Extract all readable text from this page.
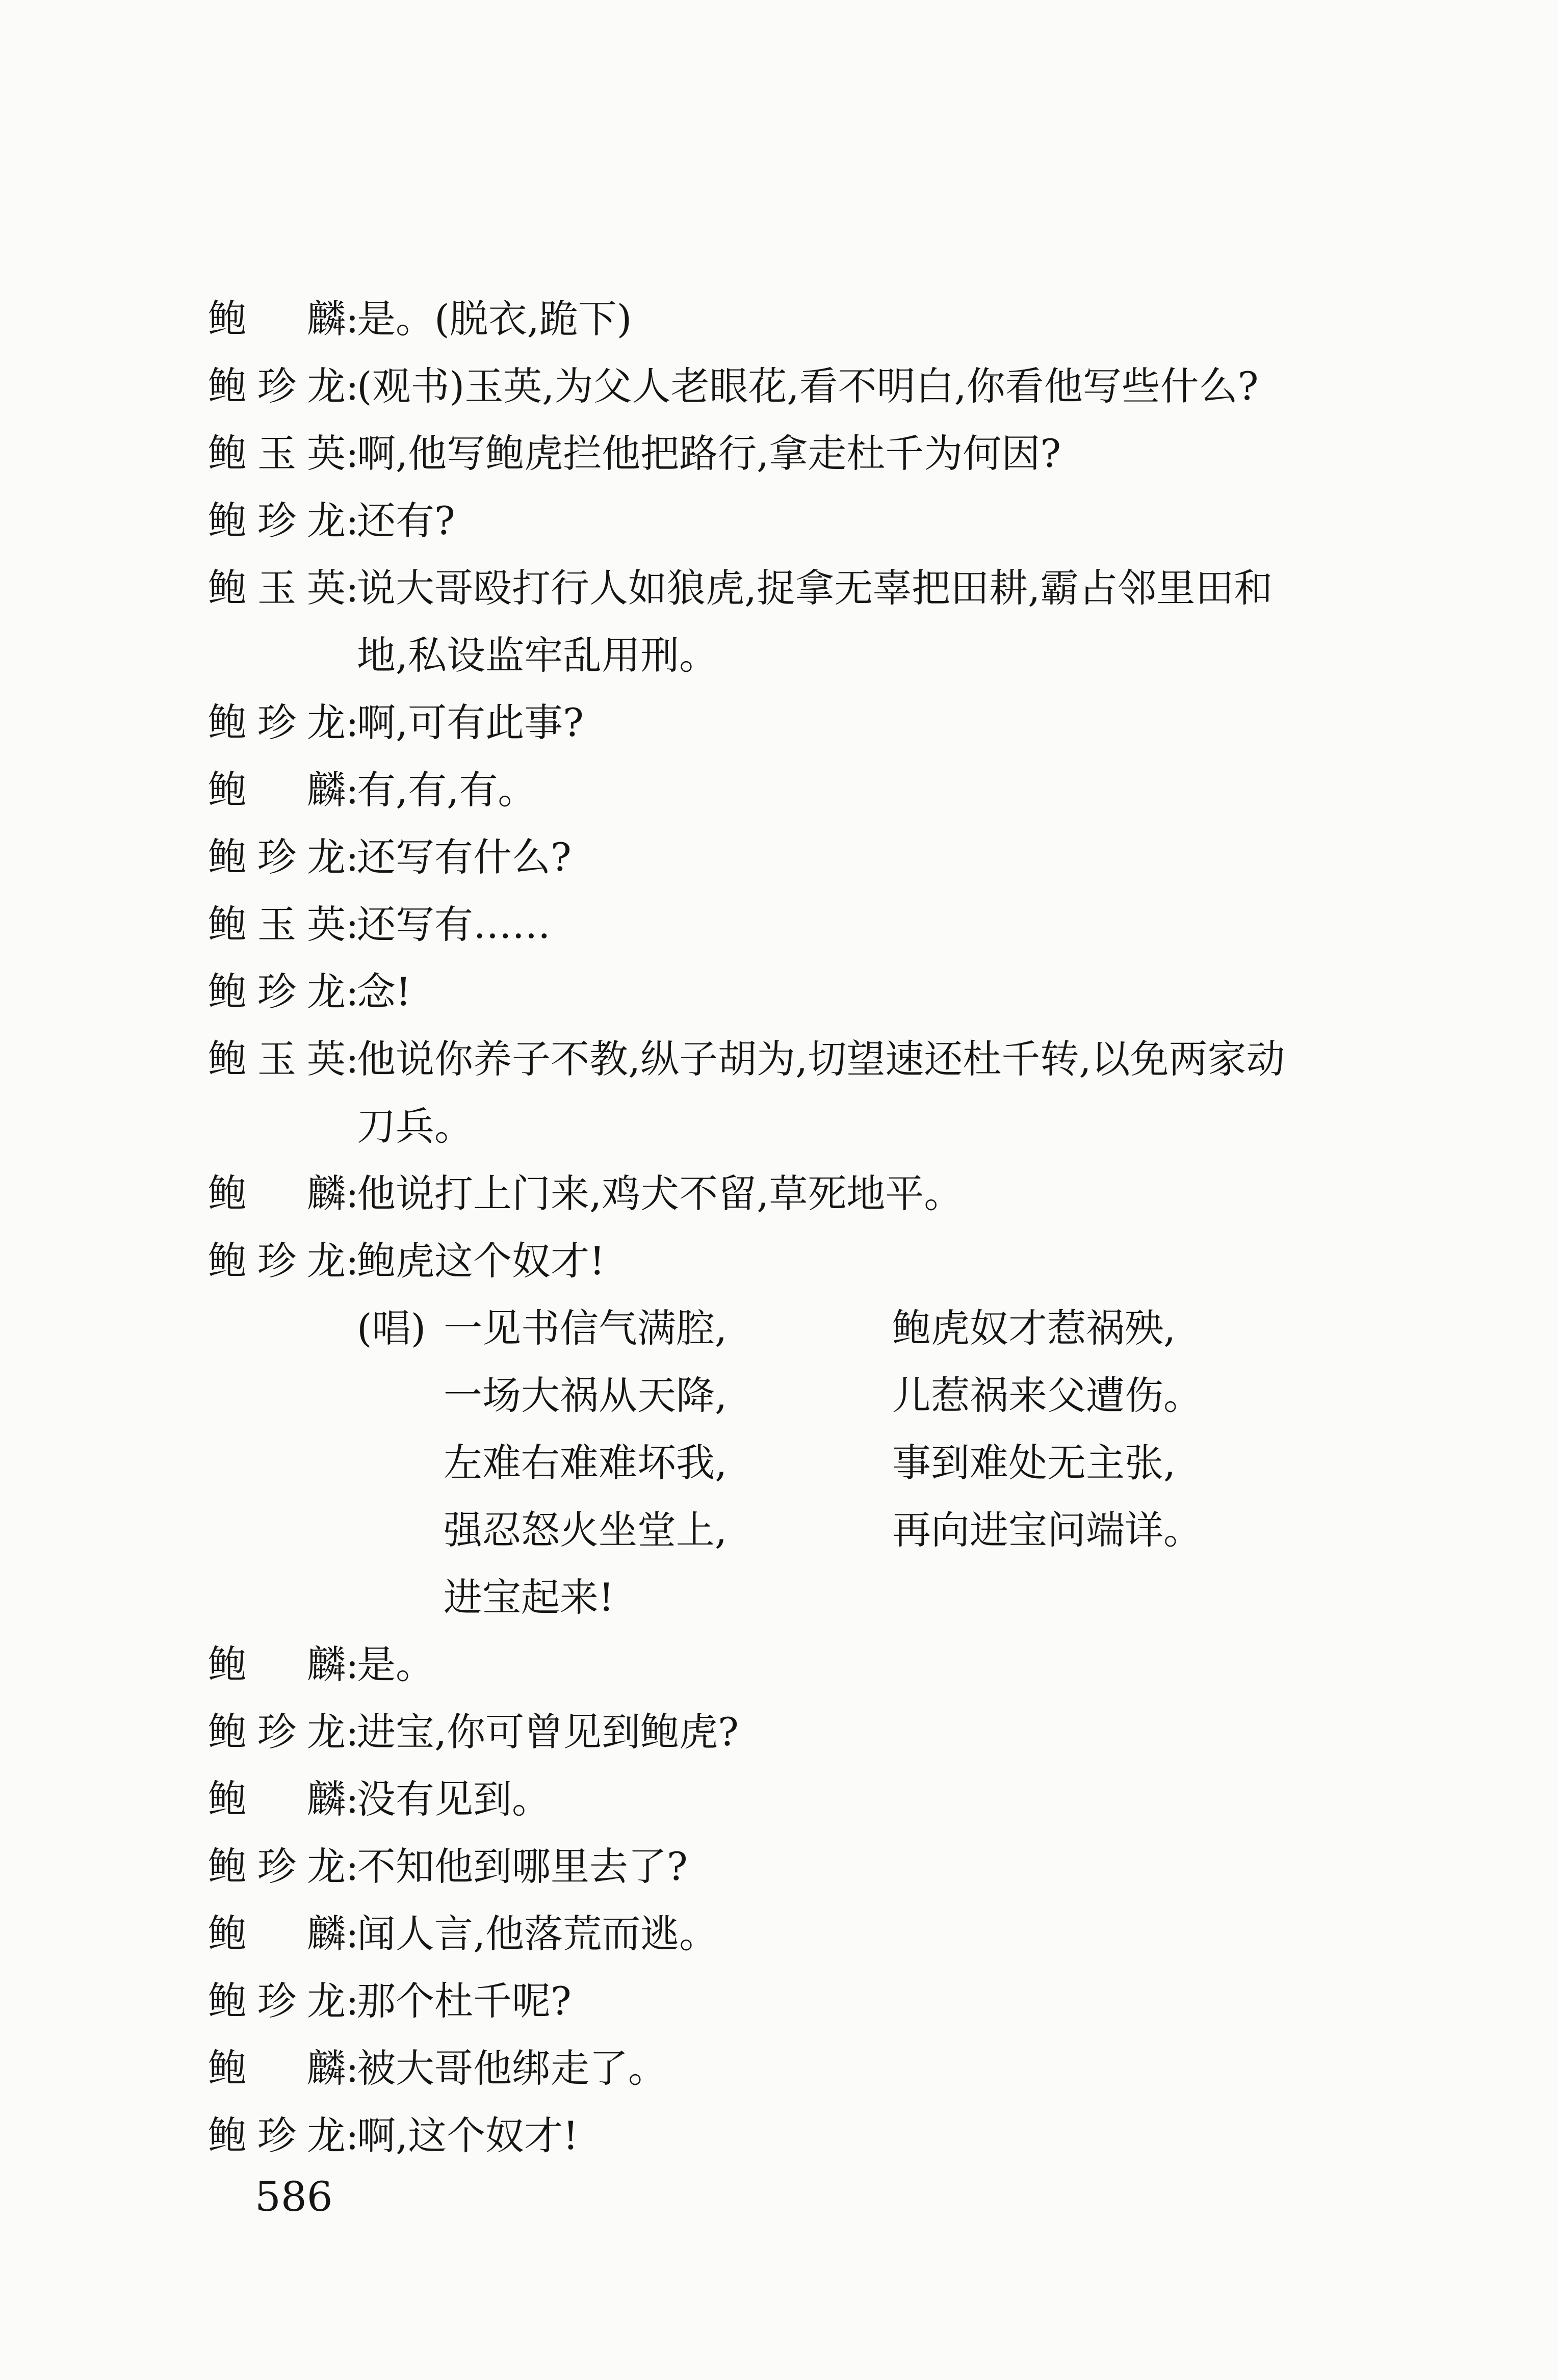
鲍　麟:是。(脱衣,跪下)
鲍珍龙:(观书)玉英,为父人老眼花,看不明白,你看他写些什么?
鲍玉英:啊,他写鲍虎拦他把路行,拿走杜千为何因?
鲍珍龙:还有?
鲍玉英:说大哥殴打行人如狼虎,捉拿无辜把田耕,霸占邻里田和
地,私设监牢乱用刑。
鲍珍龙:啊,可有此事?
鲍　麟:有,有,有。
鲍珍龙:还写有什么?
鲍玉英:还写有……
鲍珍龙:念!
鲍玉英:他说你养子不教,纵子胡为,切望速还杜千转,以免两家动
刀兵。
鲍　麟:他说打上门来,鸡犬不留,草死地平。
鲍珍龙:鲍虎这个奴才!
(唱) 一见书信气满腔,
一场大祸从天降,
左难右难难坏我,
强忍怒火坐堂上,
进宝起来!
鲍虎奴才惹祸殃,
儿惹祸来父遭伤。
事到难处无主张,
再向进宝问端详。
鲍　麟:是。
鲍珍龙:进宝,你可曾见到鲍虎?
鲍　麟:没有见到。
鲍珍龙:不知他到哪里去了?
鲍　麟:闻人言,他落荒而逃。
鲍珍龙:那个杜千呢?
鲍　麟:被大哥他绑走了。
鲍珍龙:啊,这个奴才!
586
